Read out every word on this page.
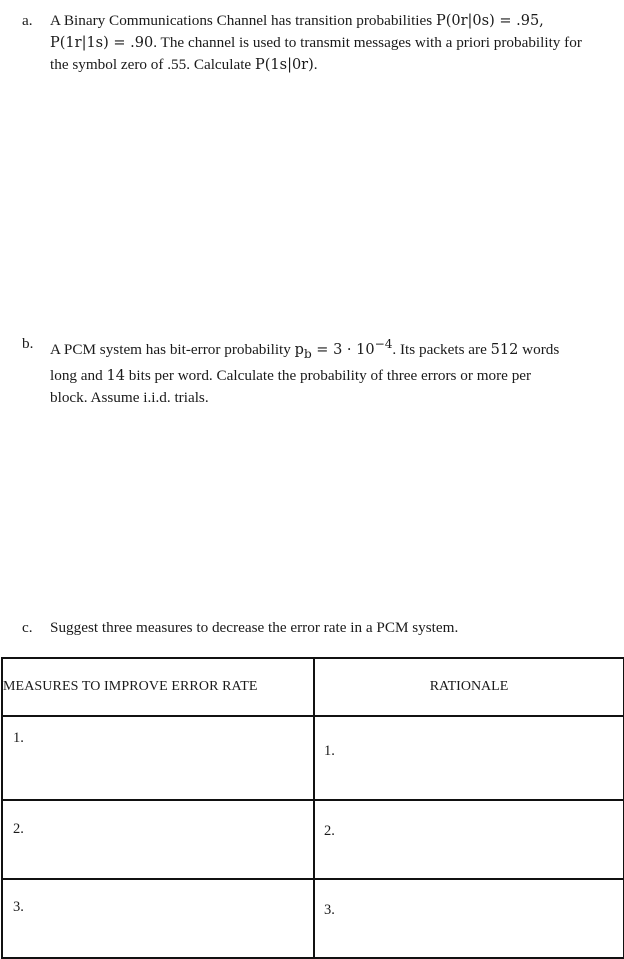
a.	A Binary Communications Channel has transition probabilities P(0r|0s) = .95,
P(1r|1s) = .90. The channel is used to transmit messages with a priori probability for
the symbol zero of .55. Calculate P(1s|0r).
b.	A PCM system has bit-error probability $p_b = 3 \cdot 10^{-4}$. Its packets are 512 words
long and 14 bits per word. Calculate the probability of three errors or more per
block. Assume i.i.d. trials.
c.	Suggest three measures to decrease the error rate in a PCM system.
MEASURES TO IMPROVE ERROR RATE	RATIONALE
1.	1.
2.	2.
3.	3.
